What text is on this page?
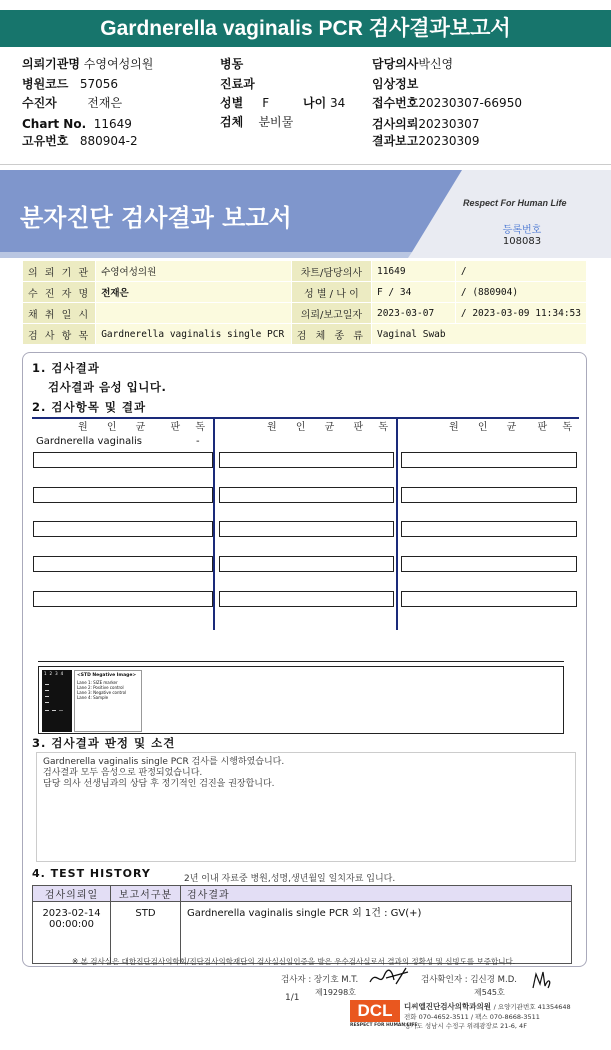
Gardnerella vaginalis PCR 검사결과보고서
의뢰기관명 수영여성의원
병원코드 57056
수진자	전재은
Chart No. 11649
고유번호 880904-2
병동
진료과
성별 F	나이 34
검체 분비물
담당의사박신영
임상정보
접수번호20230307-66950
검사의뢰20230307
결과보고20230309
분자진단 검사결과 보고서
Respect For Human Life
등록번호
108083
의 뢰 기 관	수영여성의원	차트/담당의사	11649	/
수 진 자 명	전재은	성 별 / 나 이	F / 34	/ (880904)
채 취 일 시		의뢰/보고일자	2023-03-07	/ 2023-03-09 11:34:53
검 사 항 목	Gardnerella vaginalis single PCR	검 체 종 류	Vaginal Swab	
1. 검사결과
검사결과 음성 입니다.
2. 검사항목 및 결과
원 인 균 판 독	원 인 균 판 독	원 인 균 판 독
Gardnerella vaginalis	-
1234 <STD Negative Image>
Lane 1: SIZE marker
Lane 2: Positive control
Lane 3: Negative control
Lane 4: Sample
3. 검사결과 판정 및 소견
Gardnerella vaginalis single PCR 검사를 시행하였습니다.
검사결과 모두 음성으로 판정되었습니다.
담당 의사 선생님과의 상담 후 정기적인 검진을 권장합니다.
4. TEST HISTORY	2년 이내 자료중 병원,성명,생년월일 일치자료 입니다.
검사의뢰일	보고서구분	검사결과

2023-02-14
00:00:00	STD	Gardnerella vaginalis single PCR 외 1건 : GV(+)
※ 본 검사실은 대한진단검사의학회/진단검사의학재단의 검사실신임인증을 받은 우수검사실로서 결과의 정확성 및 신빙도를 보증합니다.
검사자 : 장기호 M.T.
제19298호
검사확인자 : 김신경 M.D.
제545호
1/1
DCL
RESPECT FOR HUMAN LIFE
디씨엘진단검사의학과의원 / 요양기관번호 41354648
전화 070-4652-3511 / 팩스 070-8668-3511
경기도 성남시 수정구 위례광장로 21-6, 4F
